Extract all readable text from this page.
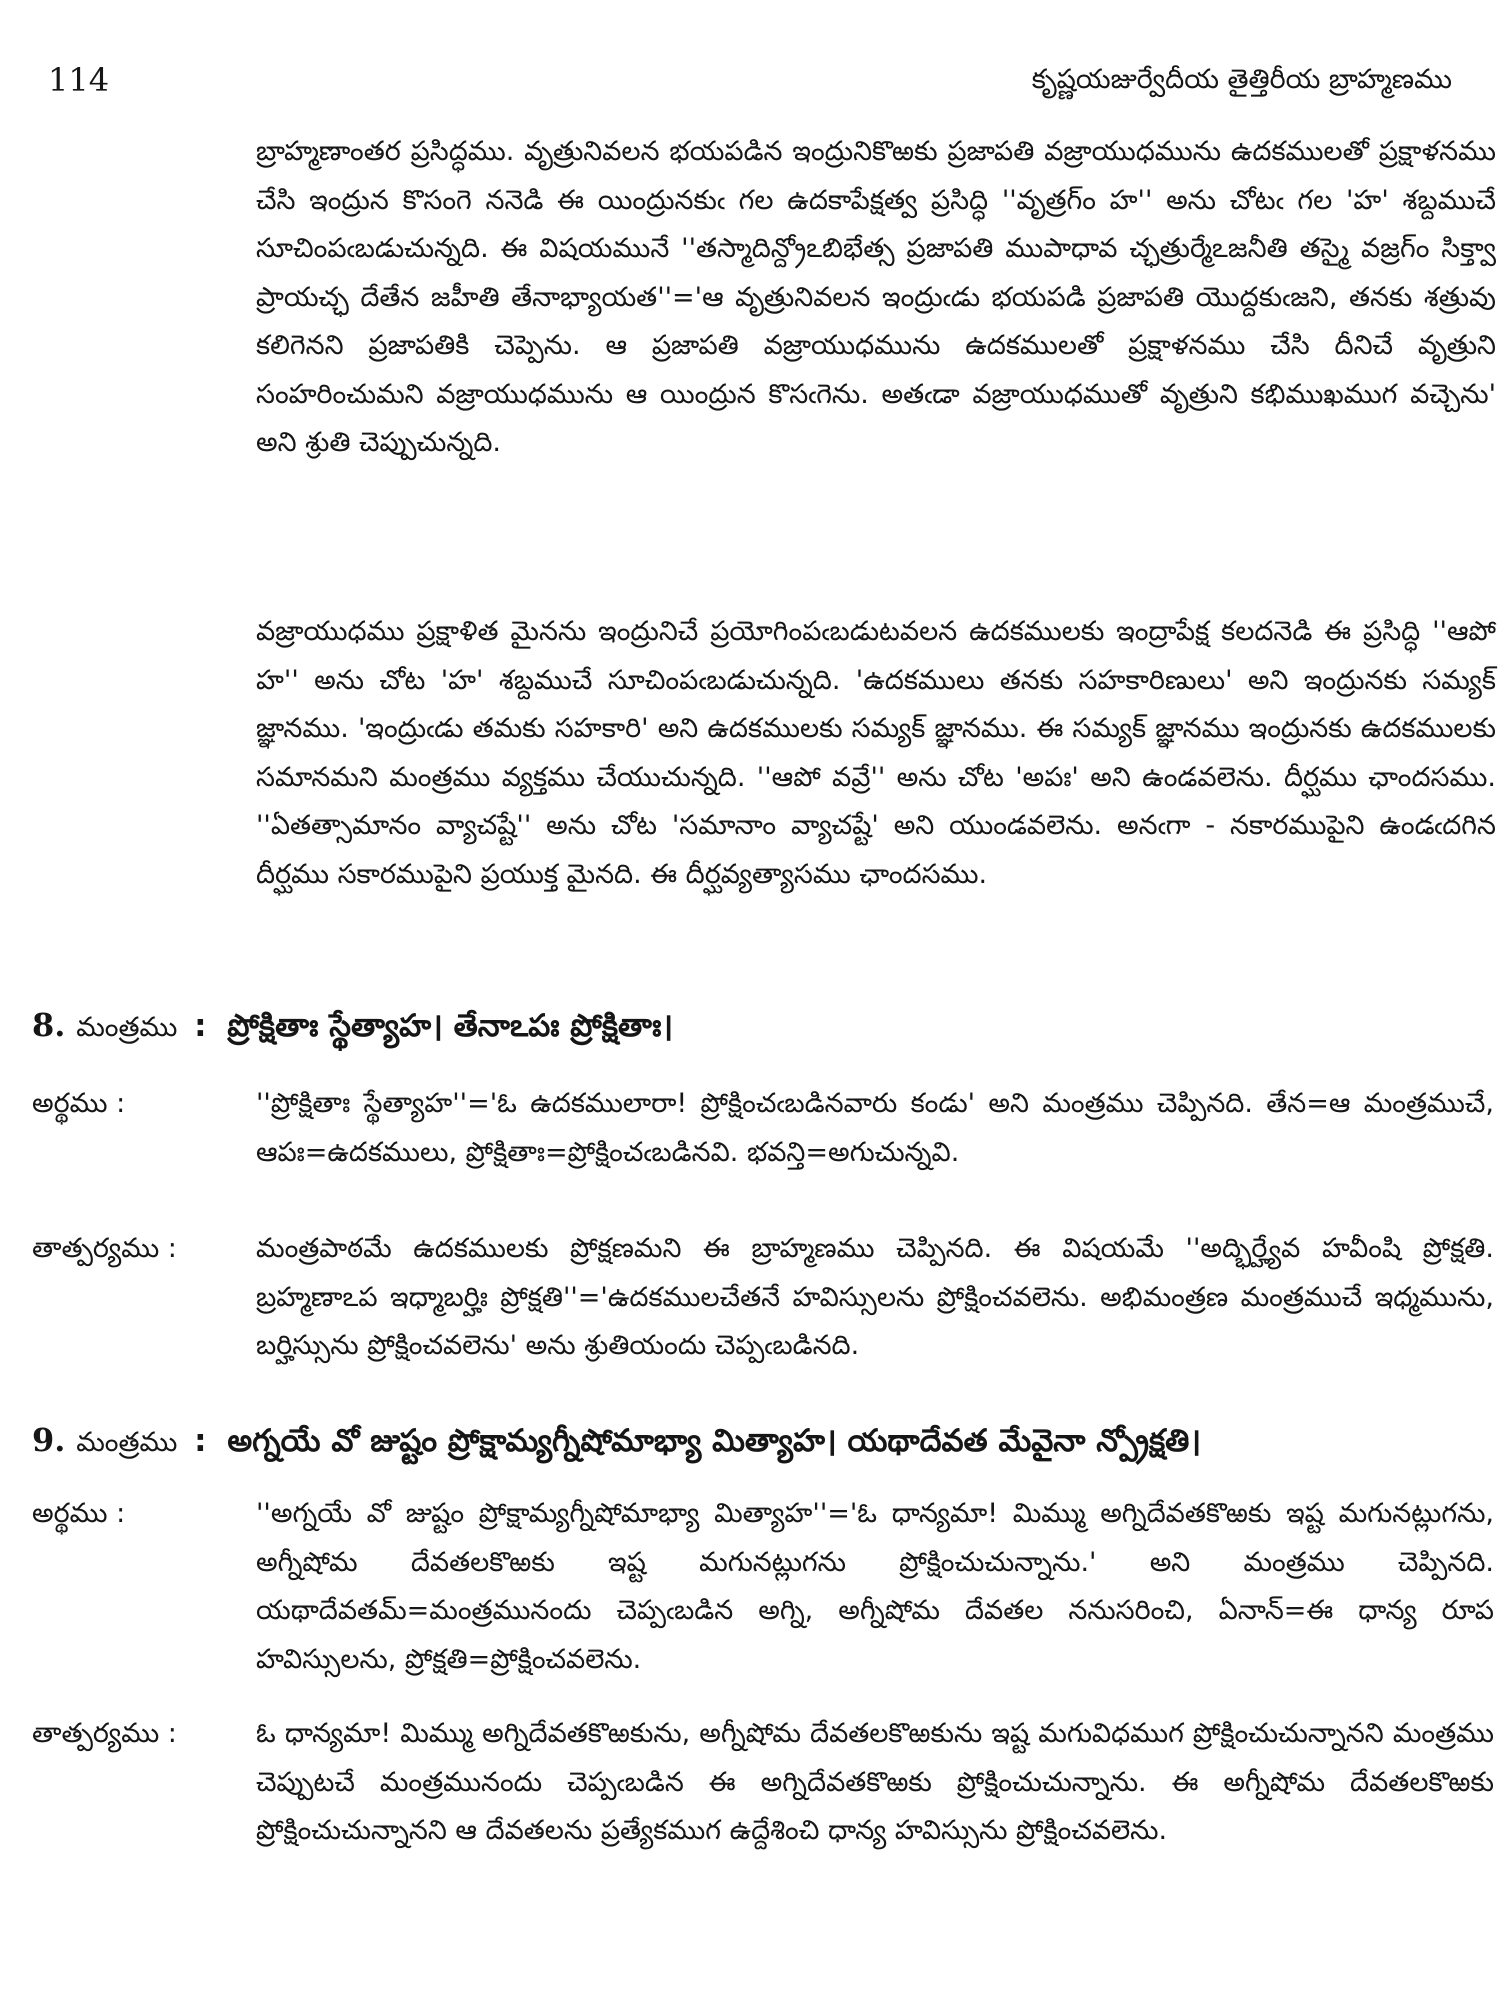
114	కృష్ణయజుర్వేదీయ తైత్తిరీయ బ్రాహ్మణము

బ్రాహ్మణాంతర ప్రసిద్ధము. వృత్రునివలన భయపడిన ఇంద్రునికొఱకు ప్రజాపతి వజ్రాయుధమును ఉదకములతో ప్రక్షాళనము చేసి ఇంద్రున కొసంగె ననెడి ఈ యింద్రునకుఁ గల ఉదకాపేక్షత్వ ప్రసిద్ధి ''వృత్రగ్ం హ'' అను చోటఁ గల 'హ' శబ్దముచే సూచింపఁబడుచున్నది. ఈ విషయమునే ''తస్మాదిన్ద్రోఽబిభేత్స ప్రజాపతి ముపాధావ చ్ఛత్రుర్మేఽజనీతి తస్మై వజ్రగ్ం సిక్త్వా ప్రాయచ్ఛ దేతేన జహీతి తేనాభ్యాయత''='ఆ వృత్రునివలన ఇంద్రుఁడు భయపడి ప్రజాపతి యొద్దకుఁజని, తనకు శత్రువు కలిగెనని ప్రజాపతికి చెప్పెను. ఆ ప్రజాపతి వజ్రాయుధమును ఉదకములతో ప్రక్షాళనము చేసి దీనిచే వృత్రుని సంహరించుమని వజ్రాయుధమును ఆ యింద్రున కొసఁగెను. అతఁడా వజ్రాయుధముతో వృత్రుని కభిముఖముగ వచ్చెను' అని శ్రుతి చెప్పుచున్నది.

వజ్రాయుధము ప్రక్షాళిత మైనను ఇంద్రునిచే ప్రయోగింపఁబడుటవలన ఉదకములకు ఇంద్రాపేక్ష కలదనెడి ఈ ప్రసిద్ధి ''ఆపో హ'' అను చోట 'హ' శబ్దముచే సూచింపఁబడుచున్నది. 'ఉదకములు తనకు సహకారిణులు' అని ఇంద్రునకు సమ్యక్ జ్ఞానము. 'ఇంద్రుఁడు తమకు సహకారి' అని ఉదకములకు సమ్యక్ జ్ఞానము. ఈ సమ్యక్ జ్ఞానము ఇంద్రునకు ఉదకములకు సమానమని మంత్రము వ్యక్తము చేయుచున్నది. ''ఆపో వవ్రే'' అను చోట 'అపః' అని ఉండవలెను. దీర్ఘము ఛాందసము. ''ఏతత్సామానం వ్యాచష్టే'' అను చోట 'సమానాం వ్యాచష్టే' అని యుండవలెను. అనఁగా - నకారముపైని ఉండఁదగిన దీర్ఘము సకారముపైని ప్రయుక్త మైనది. ఈ దీర్ఘవ్యత్యాసము ఛాందసము.

8. మంత్రము : ప్రోక్షితాః స్థేత్యాహ। తేనాఽపః ప్రోక్షితాః।
అర్థము :	''ప్రోక్షితాః స్థేత్యాహ''='ఓ ఉదకములారా! ప్రోక్షించఁబడినవారు కండు' అని మంత్రము చెప్పినది. తేన=ఆ మంత్రముచే, ఆపః=ఉదకములు, ప్రోక్షితాః=ప్రోక్షించఁబడినవి. భవన్తి=అగుచున్నవి.

తాత్పర్యము :	మంత్రపాఠమే ఉదకములకు ప్రోక్షణమని ఈ బ్రాహ్మణము చెప్పినది. ఈ విషయమే ''అద్భిర్హ్యేవ హవీంషి ప్రోక్షతి. బ్రహ్మణాఽప ఇధ్మాబర్హిః ప్రోక్షతి''='ఉదకములచేతనే హవిస్సులను ప్రోక్షించవలెను. అభిమంత్రణ మంత్రముచే ఇధ్మమును, బర్హిస్సును ప్రోక్షించవలెను' అను శ్రుతియందు చెప్పఁబడినది.

9. మంత్రము : అగ్నయే వో జుష్టం ప్రోక్షామ్యగ్నీషోమాభ్యా మిత్యాహ। యథాదేవత మేవైనా న్ప్రోక్షతి।
అర్థము :	''అగ్నయే వో జుష్టం ప్రోక్షామ్యగ్నీషోమాభ్యా మిత్యాహ''='ఓ ధాన్యమా! మిమ్ము అగ్నిదేవతకొఱకు ఇష్ట మగునట్లుగను, అగ్నీషోమ దేవతలకొఱకు ఇష్ట మగునట్లుగను ప్రోక్షించుచున్నాను.' అని మంత్రము చెప్పినది. యథాదేవతమ్=మంత్రమునందు చెప్పఁబడిన అగ్ని, అగ్నీషోమ దేవతల ననుసరించి, ఏనాన్=ఈ ధాన్య రూప హవిస్సులను, ప్రోక్షతి=ప్రోక్షించవలెను.

తాత్పర్యము :	ఓ ధాన్యమా! మిమ్ము అగ్నిదేవతకొఱకును, అగ్నీషోమ దేవతలకొఱకును ఇష్ట మగువిధముగ ప్రోక్షించుచున్నానని మంత్రము చెప్పుటచే మంత్రమునందు చెప్పఁబడిన ఈ అగ్నిదేవతకొఱకు ప్రోక్షించుచున్నాను. ఈ అగ్నీషోమ దేవతలకొఱకు ప్రోక్షించుచున్నానని ఆ దేవతలను ప్రత్యేకముగ ఉద్దేశించి ధాన్య హవిస్సును ప్రోక్షించవలెను.
